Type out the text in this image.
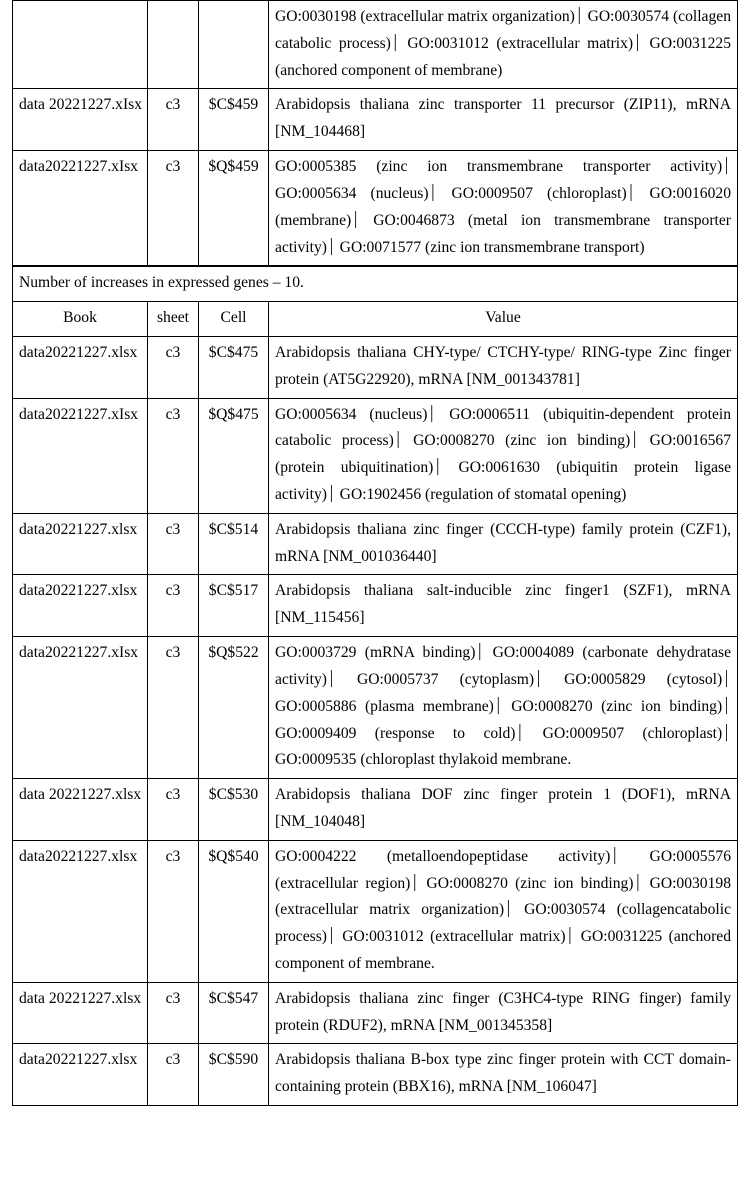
			GO:0030198 (extracellular matrix organization)⏐ GO:0030574 (collagen catabolic process)⏐ GO:0031012 (extracellular matrix)⏐ GO:0031225 (anchored component of membrane)
data 20221227.xIsx	c3	$C$459	Arabidopsis thaliana zinc transporter 11 precursor (ZIP11), mRNA [NM_104468]
data20221227.xIsx	c3	$Q$459	GO:0005385 (zinc ion transmembrane transporter activity)⏐ GO:0005634 (nucleus)⏐ GO:0009507 (chloroplast)⏐ GO:0016020 (membrane)⏐ GO:0046873 (metal ion transmembrane transporter activity)⏐ GO:0071577 (zinc ion transmembrane transport)
Number of increases in expressed genes – 10.			
Book	sheet	Cell	Value
data20221227.xlsx	c3	$C$475	Arabidopsis thaliana CHY-type/ CTCHY-type/ RING-type Zinc finger protein (AT5G22920), mRNA [NM_001343781]
data20221227.xIsx	c3	$Q$475	GO:0005634 (nucleus)⏐ GO:0006511 (ubiquitin-dependent protein catabolic process)⏐ GO:0008270 (zinc ion binding)⏐ GO:0016567 (protein ubiquitination)⏐ GO:0061630 (ubiquitin protein ligase activity)⏐ GO:1902456 (regulation of stomatal opening)
data20221227.xlsx	c3	$C$514	Arabidopsis thaliana zinc finger (CCCH-type) family protein (CZF1), mRNA [NM_001036440]
data20221227.xlsx	c3	$C$517	Arabidopsis thaliana salt-inducible zinc finger1 (SZF1), mRNA [NM_115456]
data20221227.xIsx	c3	$Q$522	GO:0003729 (mRNA binding)⏐ GO:0004089 (carbonate dehydratase activity)⏐ GO:0005737 (cytoplasm)⏐ GO:0005829 (cytosol)⏐ GO:0005886 (plasma membrane)⏐ GO:0008270 (zinc ion binding)⏐ GO:0009409 (response to cold)⏐ GO:0009507 (chloroplast)⏐ GO:0009535 (chloroplast thylakoid membrane.
data 20221227.xlsx	c3	$C$530	Arabidopsis thaliana DOF zinc finger protein 1 (DOF1), mRNA [NM_104048]
data20221227.xlsx	c3	$Q$540	GO:0004222 (metalloendopeptidase activity)⏐ GO:0005576 (extracellular region)⏐ GO:0008270 (zinc ion binding)⏐ GO:0030198 (extracellular matrix organization)⏐ GO:0030574 (collagencatabolic process)⏐ GO:0031012 (extracellular matrix)⏐ GO:0031225 (anchored component of membrane.
data 20221227.xlsx	c3	$C$547	Arabidopsis thaliana zinc finger (C3HC4-type RING finger) family protein (RDUF2), mRNA [NM_001345358]
data20221227.xlsx	c3	$C$590	Arabidopsis thaliana B-box type zinc finger protein with CCT domain-containing protein (BBX16), mRNA [NM_106047]
